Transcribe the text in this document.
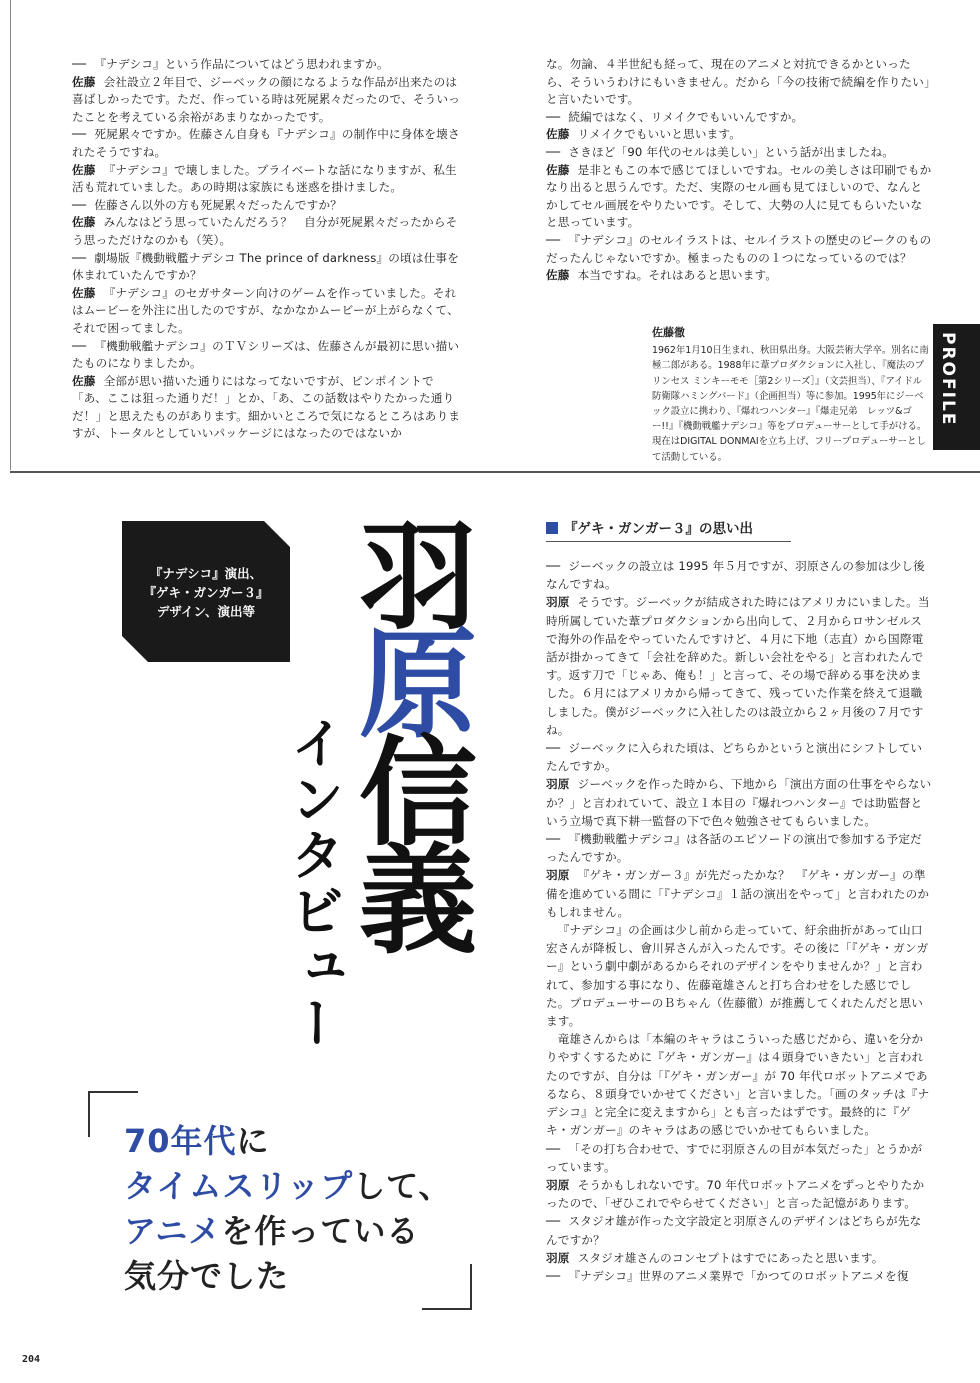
── 『ナデシコ』という作品についてはどう思われますか。

佐藤 会社設立２年目で、ジーベックの顔になるような作品が出来たのは喜ばしかったです。ただ、作っている時は死屍累々だったので、そういったことを考えている余裕があまりなかったです。

── 死屍累々ですか。佐藤さん自身も『ナデシコ』の制作中に身体を壊されたそうですね。

佐藤 『ナデシコ』で壊しました。プライベートな話になりますが、私生活も荒れていました。あの時期は家族にも迷惑を掛けました。

── 佐藤さん以外の方も死屍累々だったんですか？

佐藤 みんなはどう思っていたんだろう？　自分が死屍累々だったからそう思っただけなのかも（笑）。

── 劇場版『機動戦艦ナデシコ The prince of darkness』の頃は仕事を休まれていたんですか？

佐藤 『ナデシコ』のセガサターン向けのゲームを作っていました。それはムービーを外注に出したのですが、なかなかムービーが上がらなくて、それで困ってました。

── 『機動戦艦ナデシコ』のＴＶシリーズは、佐藤さんが最初に思い描いたものになりましたか。

佐藤 全部が思い描いた通りにはなってないですが、ピンポイントで「あ、ここは狙った通りだ！」とか、「あ、この話数はやりたかった通りだ！」と思えたものがあります。細かいところで気になるところはありますが、トータルとしていいパッケージにはなったのではないか

な。勿論、４半世紀も経って、現在のアニメと対抗できるかといったら、そういうわけにもいきません。だから「今の技術で続編を作りたい」と言いたいです。

── 続編ではなく、リメイクでもいいんですか。

佐藤 リメイクでもいいと思います。

── さきほど「90 年代のセルは美しい」という話が出ましたね。

佐藤 是非ともこの本で感じてほしいですね。セルの美しさは印刷でもかなり出ると思うんです。ただ、実際のセル画も見てほしいので、なんとかしてセル画展をやりたいです。そして、大勢の人に見てもらいたいなと思っています。

── 『ナデシコ』のセルイラストは、セルイラストの歴史のピークのものだったんじゃないですか。極まったものの１つになっているのでは？

佐藤 本当ですね。それはあると思います。

佐藤徹
1962年1月10日生まれ、秋田県出身。大阪芸術大学卒。別名に南極二郎がある。1988年に葦プロダクションに入社し、『魔法のプリンセス ミンキーモモ［第2シリーズ］』（文芸担当）、『アイドル防衛隊ハミングバード』（企画担当）等に参加。1995年にジーベック設立に携わり、『爆れつハンター』『爆走兄弟　レッツ&ゴー!!』『機動戦艦ナデシコ』等をプロデューサーとして手がける。現在はDIGITAL DONMAIを立ち上げ、フリープロデューサーとして活動している。
PROFILE
『ナデシコ』演出、
『ゲキ・ガンガー３』
デザイン、演出等 羽原信義
インタビュー
70年代に
タイムスリップして、
アニメを作っている
気分でした
『ゲキ・ガンガー３』の思い出

── ジーベックの設立は 1995 年５月ですが、羽原さんの参加は少し後なんですね。

羽原 そうです。ジーベックが結成された時にはアメリカにいました。当時所属していた葦プロダクションから出向して、２月からロサンゼルスで海外の作品をやっていたんですけど、４月に下地（志直）から国際電話が掛かってきて「会社を辞めた。新しい会社をやる」と言われたんです。返す刀で「じゃあ、俺も！」と言って、その場で辞める事を決めました。６月にはアメリカから帰ってきて、残っていた作業を終えて退職しました。僕がジーベックに入社したのは設立から２ヶ月後の７月ですね。

── ジーベックに入られた頃は、どちらかというと演出にシフトしていたんですか。

羽原 ジーベックを作った時から、下地から「演出方面の仕事をやらないか？」と言われていて、設立１本目の『爆れつハンター』では助監督という立場で真下耕一監督の下で色々勉強させてもらいました。

── 『機動戦艦ナデシコ』は各話のエピソードの演出で参加する予定だったんですか。

羽原 『ゲキ・ガンガー３』が先だったかな？　『ゲキ・ガンガー』の準備を進めている間に「『ナデシコ』１話の演出をやって」と言われたのかもしれません。

『ナデシコ』の企画は少し前から走っていて、紆余曲折があって山口宏さんが降板し、會川昇さんが入ったんです。その後に「『ゲキ・ガンガー』という劇中劇があるからそれのデザインをやりませんか？」と言われて、参加する事になり、佐藤竜雄さんと打ち合わせをした感じでした。プロデューサーのＢちゃん（佐藤徹）が推薦してくれたんだと思います。

竜雄さんからは「本編のキャラはこういった感じだから、違いを分かりやすくするために『ゲキ・ガンガー』は４頭身でいきたい」と言われたのですが、自分は「『ゲキ・ガンガー』が 70 年代ロボットアニメであるなら、８頭身でいかせてください」と言いました。「画のタッチは『ナデシコ』と完全に変えますから」とも言ったはずです。最終的に『ゲキ・ガンガー』のキャラはあの感じでいかせてもらいました。

── 「その打ち合わせで、すでに羽原さんの目が本気だった」とうかがっています。

羽原 そうかもしれないです。70 年代ロボットアニメをずっとやりたかったので、「ぜひこれでやらせてください」と言った記憶があります。

── スタジオ雄が作った文字設定と羽原さんのデザインはどちらが先なんですか？

羽原 スタジオ雄さんのコンセプトはすでにあったと思います。

── 『ナデシコ』世界のアニメ業界で「かつてのロボットアニメを復

204
